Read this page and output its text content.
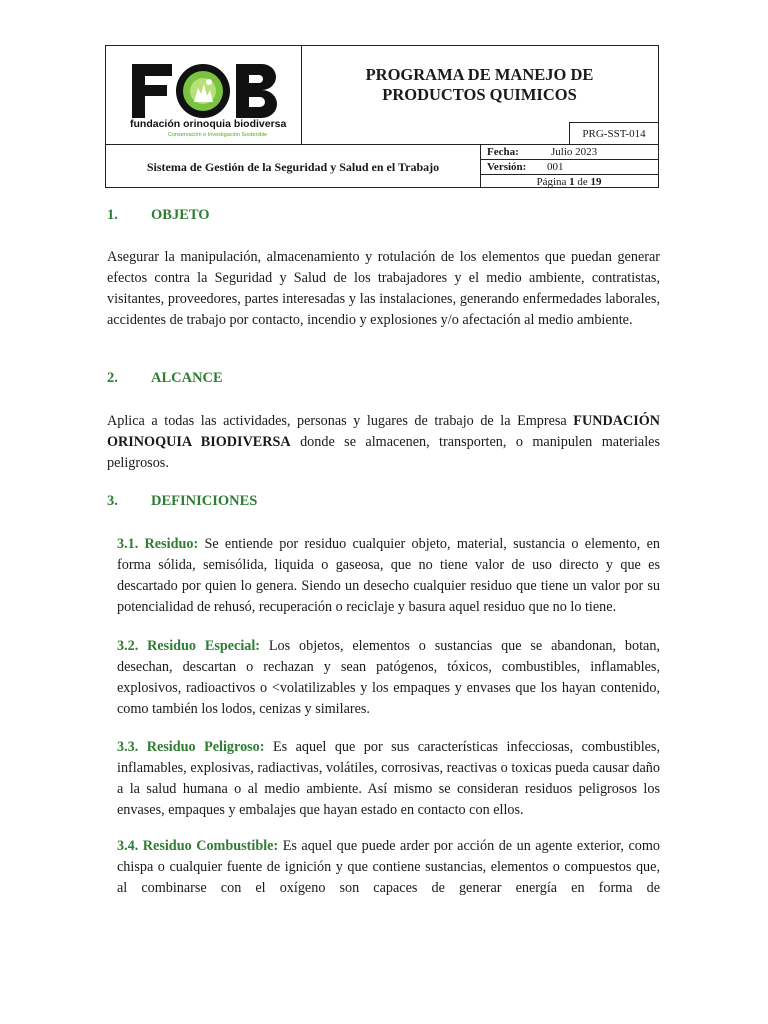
fundación orinoquia biodiversa
Conservación e Investigación Sostenible
PROGRAMA DE MANEJO DE
PRODUCTOS QUIMICOS
PRG-SST-014
Sistema de Gestión de la Seguridad y Salud en el Trabajo
Fecha:	Julio 2023
Versión: 001
Página 1 de 19
1. OBJETO
Asegurar la manipulación, almacenamiento y rotulación de los elementos que puedan generar efectos contra la Seguridad y Salud de los trabajadores y el medio ambiente, contratistas, visitantes, proveedores, partes interesadas y las instalaciones, generando enfermedades laborales, accidentes de trabajo por contacto, incendio y explosiones y/o afectación al medio ambiente.
2. ALCANCE
Aplica a todas las actividades, personas y lugares de trabajo de la Empresa FUNDACIÓN ORINOQUIA BIODIVERSA donde se almacenen, transporten, o manipulen materiales peligrosos.
3. DEFINICIONES
3.1. Residuo: Se entiende por residuo cualquier objeto, material, sustancia o elemento, en forma sólida, semisólida, liquida o gaseosa, que no tiene valor de uso directo y que es descartado por quien lo genera. Siendo un desecho cualquier residuo que tiene un valor por su potencialidad de rehusó, recuperación o reciclaje y basura aquel residuo que no lo tiene.
3.2. Residuo Especial: Los objetos, elementos o sustancias que se abandonan, botan, desechan, descartan o rechazan y sean patógenos, tóxicos, combustibles, inflamables, explosivos, radioactivos o <volatilizables y los empaques y envases que los hayan contenido, como también los lodos, cenizas y similares.
3.3. Residuo Peligroso: Es aquel que por sus características infecciosas, combustibles, inflamables, explosivas, radiactivas, volátiles, corrosivas, reactivas o toxicas pueda causar daño a la salud humana o al medio ambiente. Así mismo se consideran residuos peligrosos los envases, empaques y embalajes que hayan estado en contacto con ellos.
3.4. Residuo Combustible: Es aquel que puede arder por acción de un agente exterior, como chispa o cualquier fuente de ignición y que contiene sustancias, elementos o compuestos que, al combinarse con el oxígeno son capaces de generar energía en forma de
